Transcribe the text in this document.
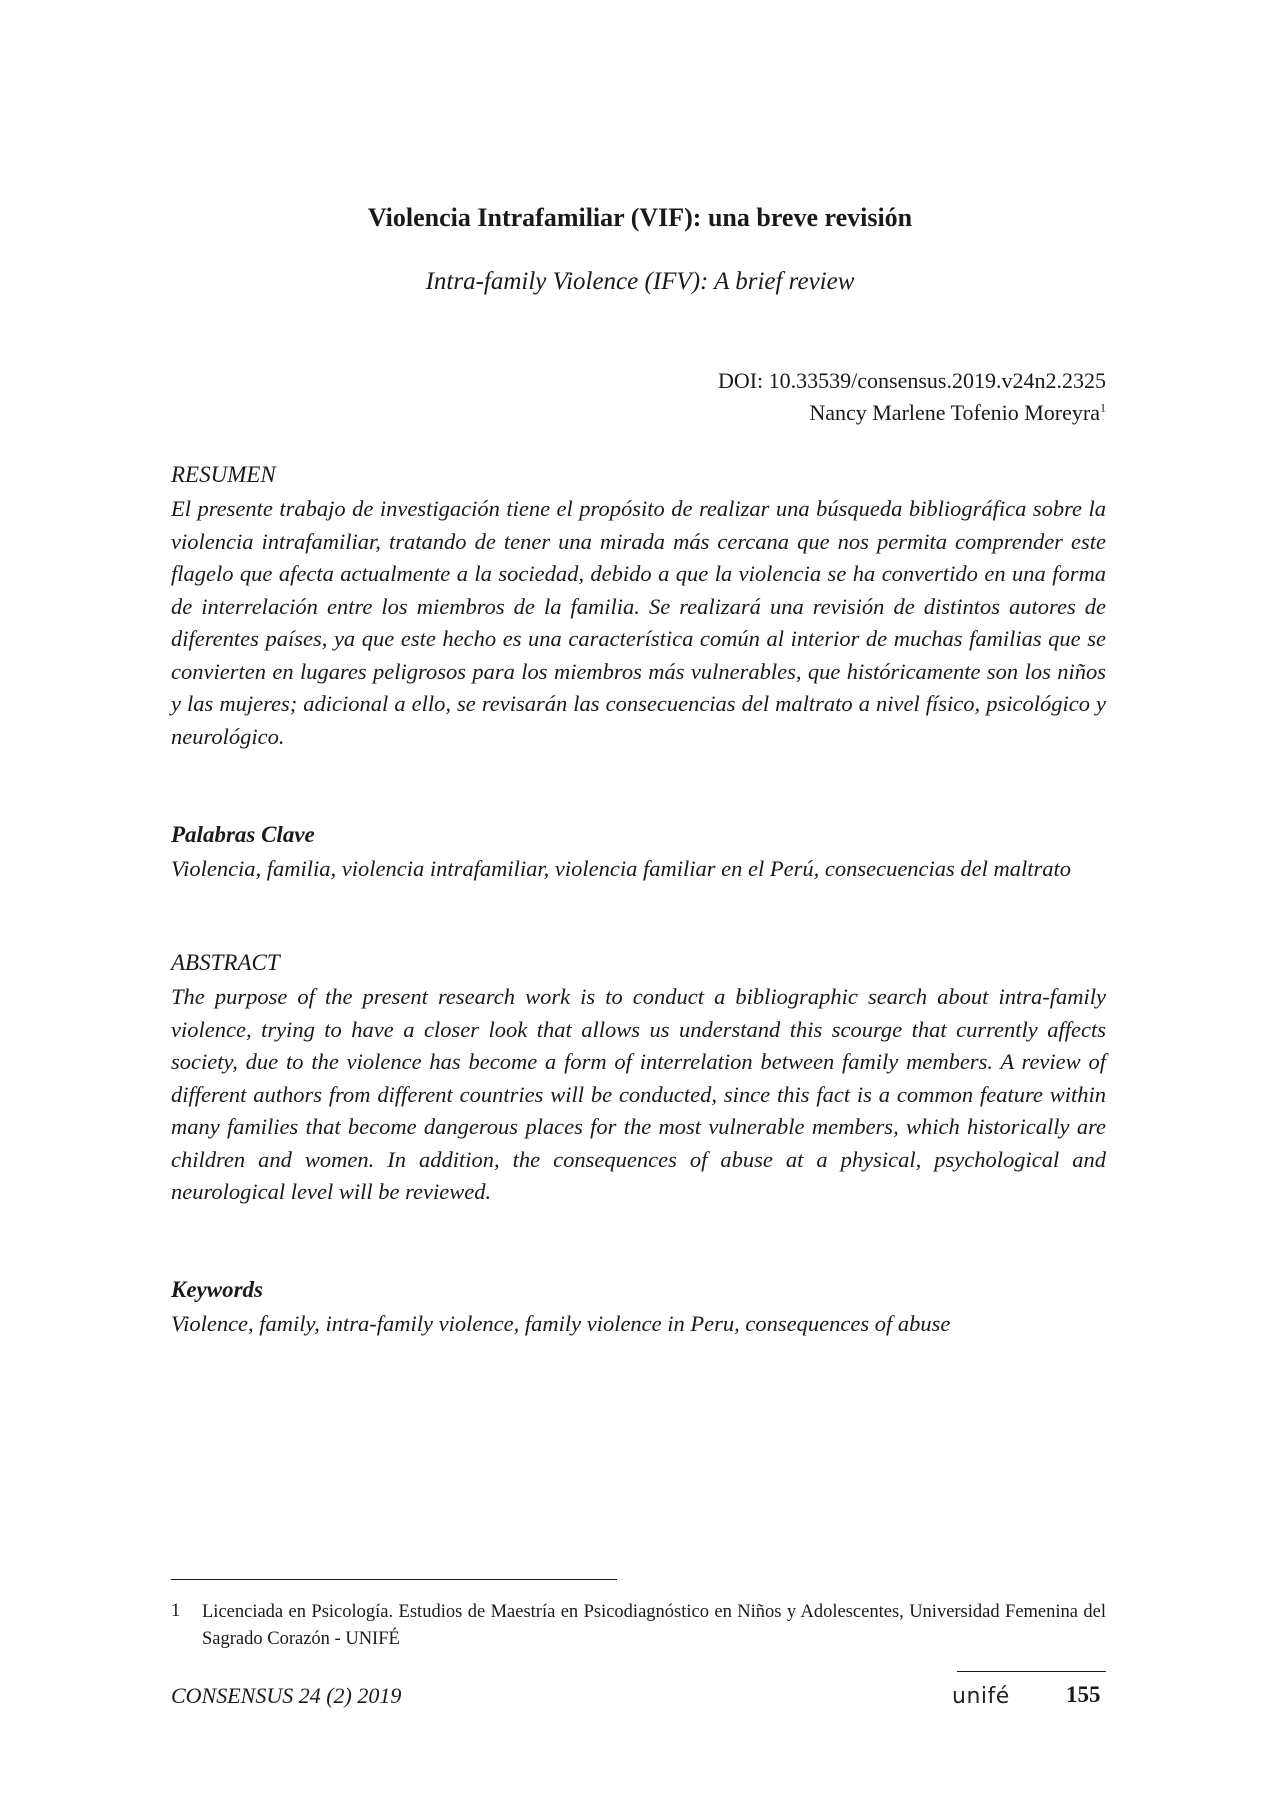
Violencia Intrafamiliar (VIF): una breve revisión
Intra-family Violence (IFV): A brief review
DOI: 10.33539/consensus.2019.v24n2.2325
Nancy Marlene Tofenio Moreyra$^1$
RESUMEN

El presente trabajo de investigación tiene el propósito de realizar una búsqueda bibliográfica sobre la violencia intrafamiliar, tratando de tener una mirada más cercana que nos permita comprender este flagelo que afecta actualmente a la sociedad, debido a que la violencia se ha convertido en una forma de interrelación entre los miembros de la familia. Se realizará una revisión de distintos autores de diferentes países, ya que este hecho es una característica común al interior de muchas familias que se convierten en lugares peligrosos para los miembros más vulnerables, que históricamente son los niños y las mujeres; adicional a ello, se revisarán las consecuencias del maltrato a nivel físico, psicológico y neurológico.

Palabras Clave

Violencia, familia, violencia intrafamiliar, violencia familiar en el Perú, consecuencias del maltrato

ABSTRACT

The purpose of the present research work is to conduct a bibliographic search about intra-family violence, trying to have a closer look that allows us understand this scourge that currently affects society, due to the violence has become a form of interrelation between family members. A review of different authors from different countries will be conducted, since this fact is a common feature within many families that become dangerous places for the most vulnerable members, which historically are children and women. In addition, the consequences of abuse at a physical, psychological and neurological level will be reviewed.

Keywords

Violence, family, intra-family violence, family violence in Peru, consequences of abuse

1 Licenciada en Psicología. Estudios de Maestría en Psicodiagnóstico en Niños y Adolescentes, Universidad Femenina del Sagrado Corazón - UNIFÉ

CONSENSUS 24 (2) 2019	unifé 155
